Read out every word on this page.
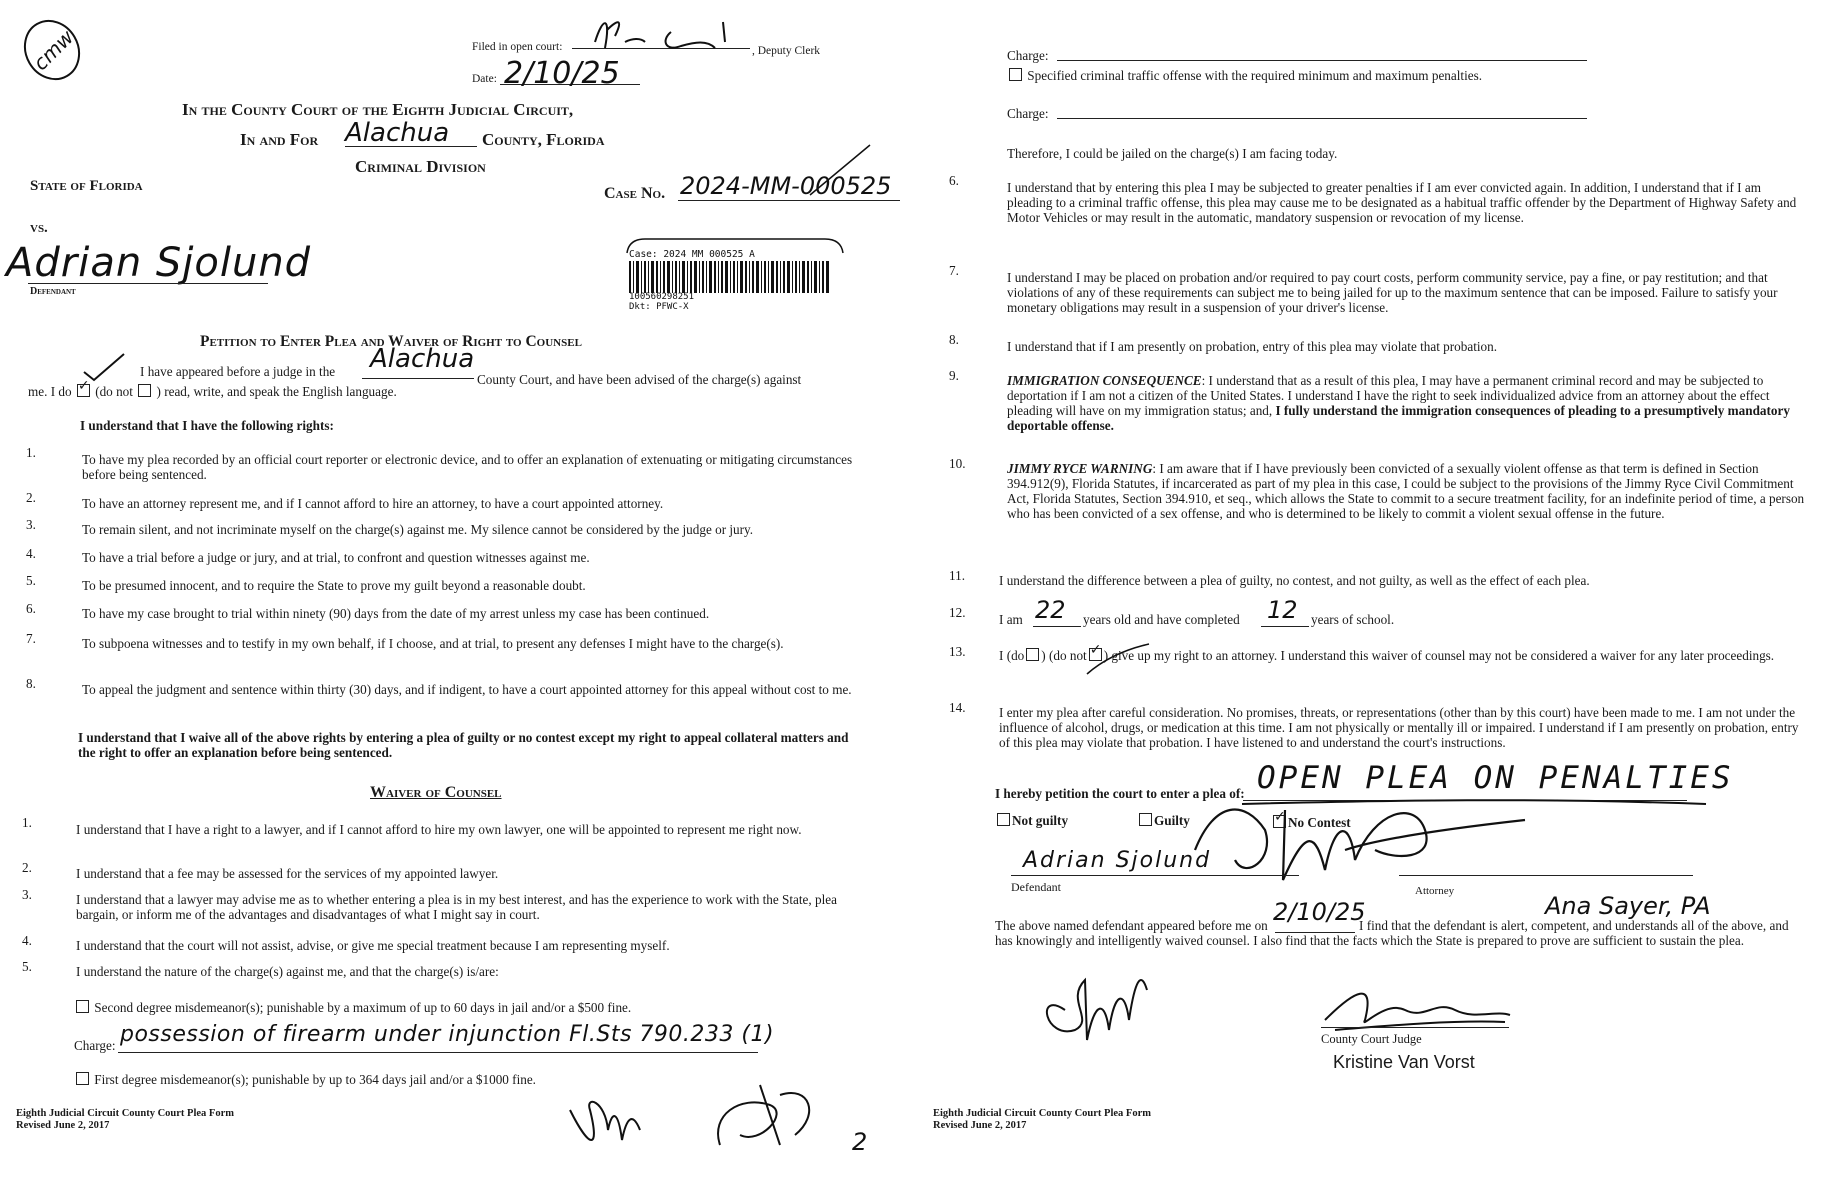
cmw	Filed in open court:	, Deputy Clerk
Date: 2/10/25
In the County Court of the Eighth Judicial Circuit,
In and For Alachua County, Florida
Criminal Division
State of Florida
vs.
Case No. 2024-MM-000525
Adrian Sjolund
Defendant
Case: 2024 MM 000525 A
100560298251
Dkt: PFWC-X
Petition to Enter Plea and Waiver of Right to Counsel
I have appeared before a judge in the Alachua
County Court, and have been advised of the charge(s) against
me. I do ✓ (do not ) read, write, and speak the English language.
I understand that I have the following rights:
1.	To have my plea recorded by an official court reporter or electronic device, and to offer an explanation of extenuating or mitigating circumstances before being sentenced.
2.	To have an attorney represent me, and if I cannot afford to hire an attorney, to have a court appointed attorney.
3.	To remain silent, and not incriminate myself on the charge(s) against me. My silence cannot be considered by the judge or jury.
4.	To have a trial before a judge or jury, and at trial, to confront and question witnesses against me.
5.	To be presumed innocent, and to require the State to prove my guilt beyond a reasonable doubt.
6.	To have my case brought to trial within ninety (90) days from the date of my arrest unless my case has been continued.
7.	To subpoena witnesses and to testify in my own behalf, if I choose, and at trial, to present any defenses I might have to the charge(s).
8.	To appeal the judgment and sentence within thirty (30) days, and if indigent, to have a court appointed attorney for this appeal without cost to me.
I understand that I waive all of the above rights by entering a plea of guilty or no contest except my right to appeal collateral matters and the right to offer an explanation before being sentenced.
Waiver of Counsel
1.	I understand that I have a right to a lawyer, and if I cannot afford to hire my own lawyer, one will be appointed to represent me right now.
2.	I understand that a fee may be assessed for the services of my appointed lawyer.
3.	I understand that a lawyer may advise me as to whether entering a plea is in my best interest, and has the experience to work with the State, plea bargain, or inform me of the advantages and disadvantages of what I might say in court.
4.	I understand that the court will not assist, advise, or give me special treatment because I am representing myself.
5.	I understand the nature of the charge(s) against me, and that the charge(s) is/are:
Second degree misdemeanor(s); punishable by a maximum of up to 60 days in jail and/or a $500 fine.
Charge: possession of firearm under injunction Fl.Sts 790.233 (1)
First degree misdemeanor(s); punishable by up to 364 days jail and/or a $1000 fine.
Eighth Judicial Circuit County Court Plea Form
Revised June 2, 2017
2
Charge:
Specified criminal traffic offense with the required minimum and maximum penalties.
Charge:
Therefore, I could be jailed on the charge(s) I am facing today.
6.	I understand that by entering this plea I may be subjected to greater penalties if I am ever convicted again. In addition, I understand that if I am pleading to a criminal traffic offense, this plea may cause me to be designated as a habitual traffic offender by the Department of Highway Safety and Motor Vehicles or may result in the automatic, mandatory suspension or revocation of my license.
7.	I understand I may be placed on probation and/or required to pay court costs, perform community service, pay a fine, or pay restitution; and that violations of any of these requirements can subject me to being jailed for up to the maximum sentence that can be imposed. Failure to satisfy your monetary obligations may result in a suspension of your driver's license.
8.	I understand that if I am presently on probation, entry of this plea may violate that probation.
9.	IMMIGRATION CONSEQUENCE: I understand that as a result of this plea, I may have a permanent criminal record and may be subjected to deportation if I am not a citizen of the United States. I understand I have the right to seek individualized advice from an attorney about the effect pleading will have on my immigration status; and, I fully understand the immigration consequences of pleading to a presumptively mandatory deportable offense.
10.	JIMMY RYCE WARNING: I am aware that if I have previously been convicted of a sexually violent offense as that term is defined in Section 394.912(9), Florida Statutes, if incarcerated as part of my plea in this case, I could be subject to the provisions of the Jimmy Ryce Civil Commitment Act, Florida Statutes, Section 394.910, et seq., which allows the State to commit to a secure treatment facility, for an indefinite period of time, a person who has been convicted of a sex offense, and who is determined to be likely to commit a violent sexual offense in the future.
11.	I understand the difference between a plea of guilty, no contest, and not guilty, as well as the effect of each plea.
12.	I am 22 years old and have completed 12 years of school.
13.	I (do ) (do not ✓ ) give up my right to an attorney. I understand this waiver of counsel may not be considered a waiver for any later proceedings.
14.	I enter my plea after careful consideration. No promises, threats, or representations (other than by this court) have been made to me. I am not under the influence of alcohol, drugs, or medication at this time. I am not physically or mentally ill or impaired. I understand if I am presently on probation, entry of this plea may violate that probation. I have listened to and understand the court's instructions.
I hereby petition the court to enter a plea of: OPEN PLEA ON PENALTIES
Not guilty	Guilty ✓	No Contest
Adrian Sjolund
Defendant	Attorney
Ana Sayer, PA
The above named defendant appeared before me on 2/10/25
I find that the defendant is alert, competent, and understands all of the above, and has knowingly and intelligently waived counsel. I also find that the facts which the State is prepared to prove are sufficient to sustain the plea.
County Court Judge
Kristine Van Vorst
Eighth Judicial Circuit County Court Plea Form
Revised June 2, 2017
